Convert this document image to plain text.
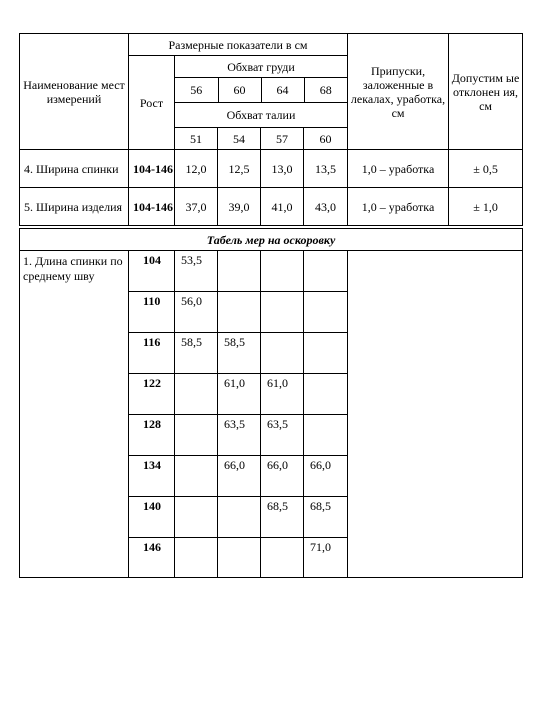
Наименование мест измерений	Размерные показатели в см	Припуски, заложенные в лекалах, уработка, см	Допустим ые отклонен ия, см
Рост	Обхват груди

56	60	64	68
Обхват талии

51	54	57	60
4. Ширина спинки	104-146	12,0	12,5	13,0	13,5	1,0 – уработка	± 0,5
5. Ширина изделия	104-146	37,0	39,0	41,0	43,0	1,0 – уработка	± 1,0
Табель мер на оскоровку						
1. Длина спинки по среднему шву	104	53,5				
	110	56,0				
	116	58,5	58,5			
	122		61,0	61,0		
	128		63,5	63,5		
	134		66,0	66,0	66,0	
	140			68,5	68,5	
	146				71,0	
